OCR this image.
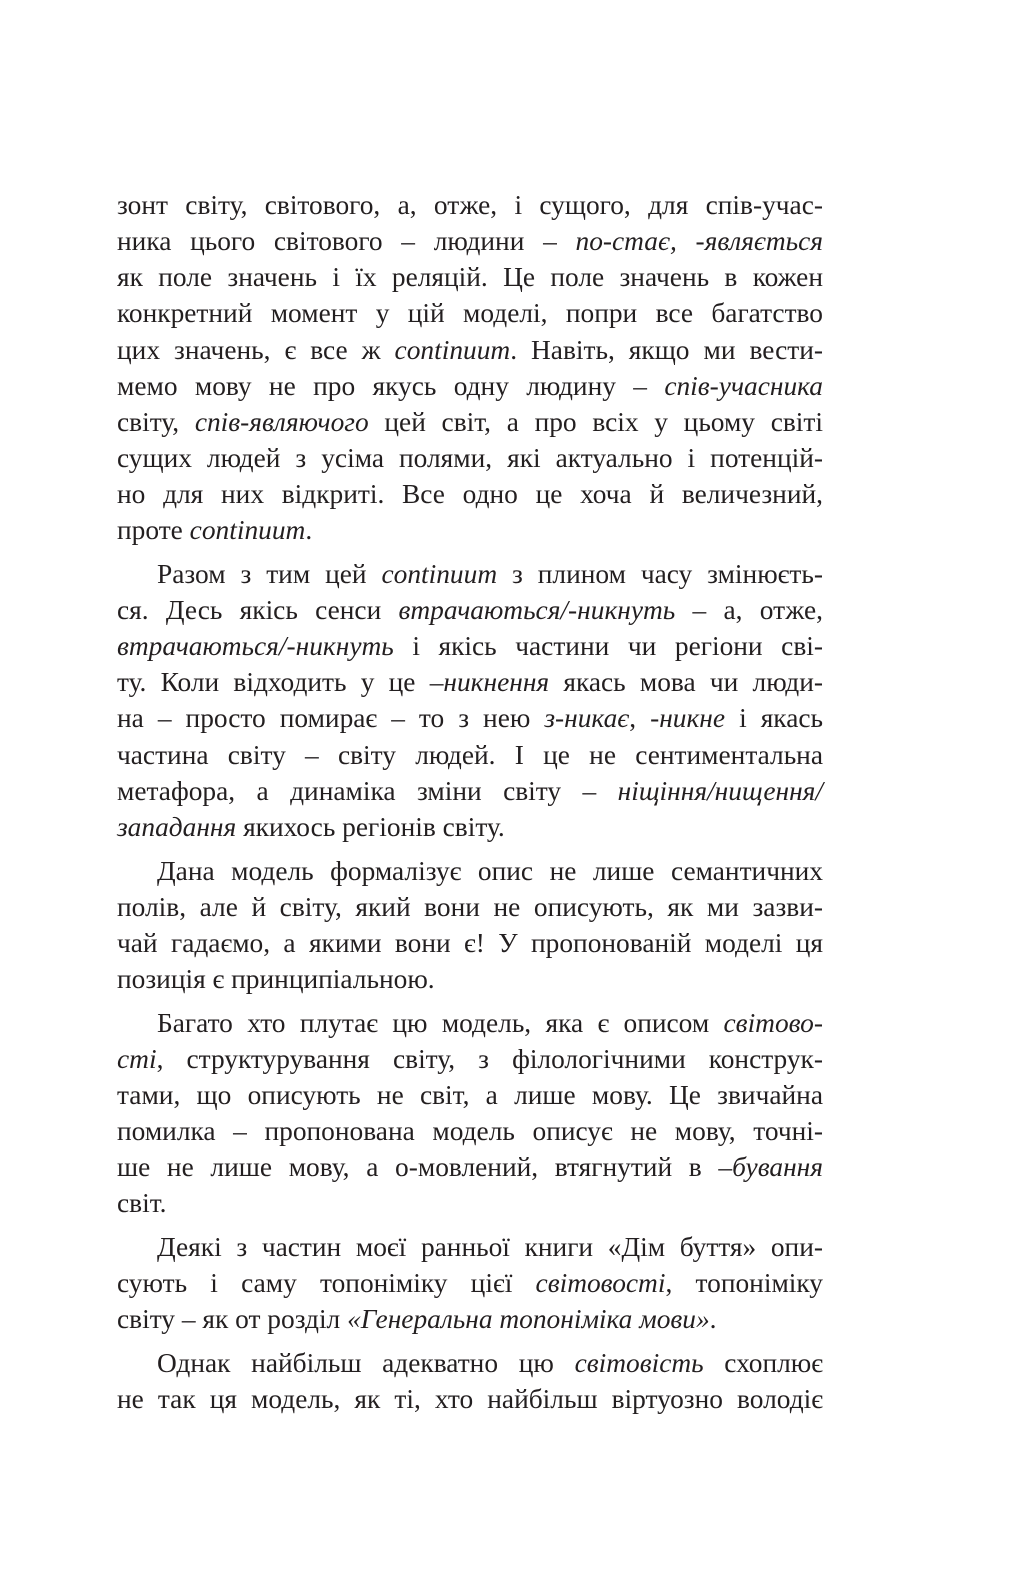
зонт світу, світового, а, отже, і сущого, для спів-учас-
ника цього світового – людини – по-стає, -являється
як поле значень і їх реляцій. Це поле значень в кожен
конкретний момент у цій моделі, попри все багатство
цих значень, є все ж continuum. Навіть, якщо ми вести-
мемо мову не про якусь одну людину – спів-учасника
світу, спів-являючого цей світ, а про всіх у цьому світі
сущих людей з усіма полями, які актуально і потенцій-
но для них відкриті. Все одно це хоча й величезний,
проте continuum.
Разом з тим цей continuum з плином часу змінюєть-
ся. Десь якісь сенси втрачаються/-никнуть – а, отже,
втрачаються/-никнуть і якісь частини чи регіони сві-
ту. Коли відходить у це –никнення якась мова чи люди-
на – просто помирає – то з нею з-никає, -никне і якась
частина світу – світу людей. І це не сентиментальна
метафора, а динаміка зміни світу – ніщіння/нищення/
западання якихось регіонів світу.
Дана модель формалізує опис не лише семантичних
полів, але й світу, який вони не описують, як ми зазви-
чай гадаємо, а якими вони є! У пропонованій моделі ця
позиція є принципіальною.
Багато хто плутає цю модель, яка є описом світово-
сті, структурування світу, з філологічними конструк-
тами, що описують не світ, а лише мову. Це звичайна
помилка – пропонована модель описує не мову, точні-
ше не лише мову, а о-мовлений, втягнутий в –бування
світ.
Деякі з частин моєї ранньої книги «Дім буття» опи-
сують і саму топоніміку цієї світовості, топоніміку
світу – як от розділ «Генеральна топоніміка мови».
Однак найбільш адекватно цю світовість схоплює
не так ця модель, як ті, хто найбільш віртуозно володіє
